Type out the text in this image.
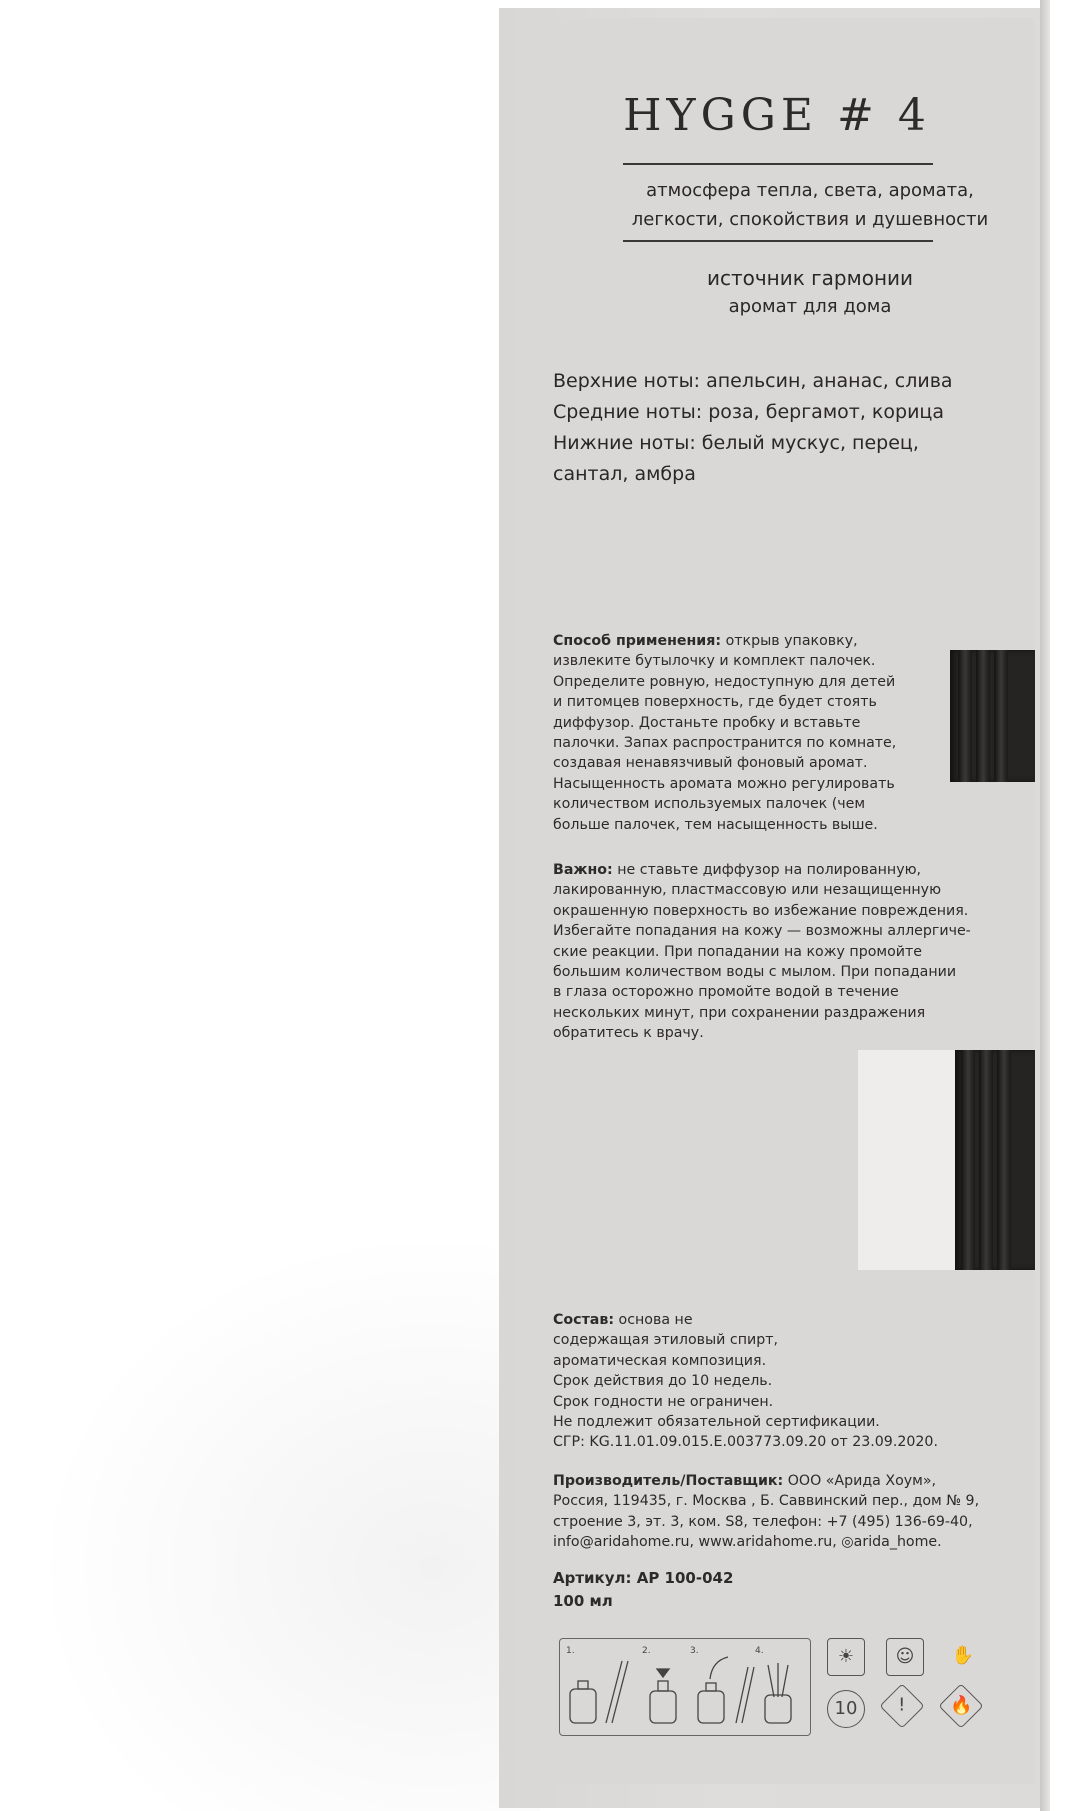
HYGGE # 4
атмосфера тепла, света, аромата,
легкости, спокойствия и душевности
источник гармонии
аромат для дома
Верхние ноты: апельсин, ананас, слива
Средние ноты: роза, бергамот, корица
Нижние ноты: белый мускус, перец,
сантал, амбра
Способ применения: открыв упаковку,
извлеките бутылочку и комплект палочек.
Определите ровную, недоступную для детей
и питомцев поверхность, где будет стоять
диффузор. Достаньте пробку и вставьте
палочки. Запах распространится по комнате,
создавая ненавязчивый фоновый аромат.
Насыщенность аромата можно регулировать
количеством используемых палочек (чем
больше палочек, тем насыщенность выше.
Важно: не ставьте диффузор на полированную,
лакированную, пластмассовую или незащищенную
окрашенную поверхность во избежание повреждения.
Избегайте попадания на кожу — возможны аллергиче-
ские реакции. При попадании на кожу промойте
большим количеством воды с мылом. При попадании
в глаза осторожно промойте водой в течение
нескольких минут, при сохранении раздражения
обратитесь к врачу.
Состав: основа не
содержащая этиловый спирт,
ароматическая композиция.
Срок действия до 10 недель.
Срок годности не ограничен.
Не подлежит обязательной сертификации.
СГР: KG.11.01.09.015.E.003773.09.20 от 23.09.2020.
Производитель/Поставщик: ООО «Арида Хоум»,
Россия, 119435, г. Москва , Б. Саввинский пер., дом № 9,
строение 3, эт. 3, ком. S8, телефон: +7 (495) 136-69-40,
info@aridahome.ru, www.aridahome.ru, ◎arida_home.
Артикул: АР 100-042
100 мл
1.	2.	3.	4.	☀	☺	✋
10	!	🔥
